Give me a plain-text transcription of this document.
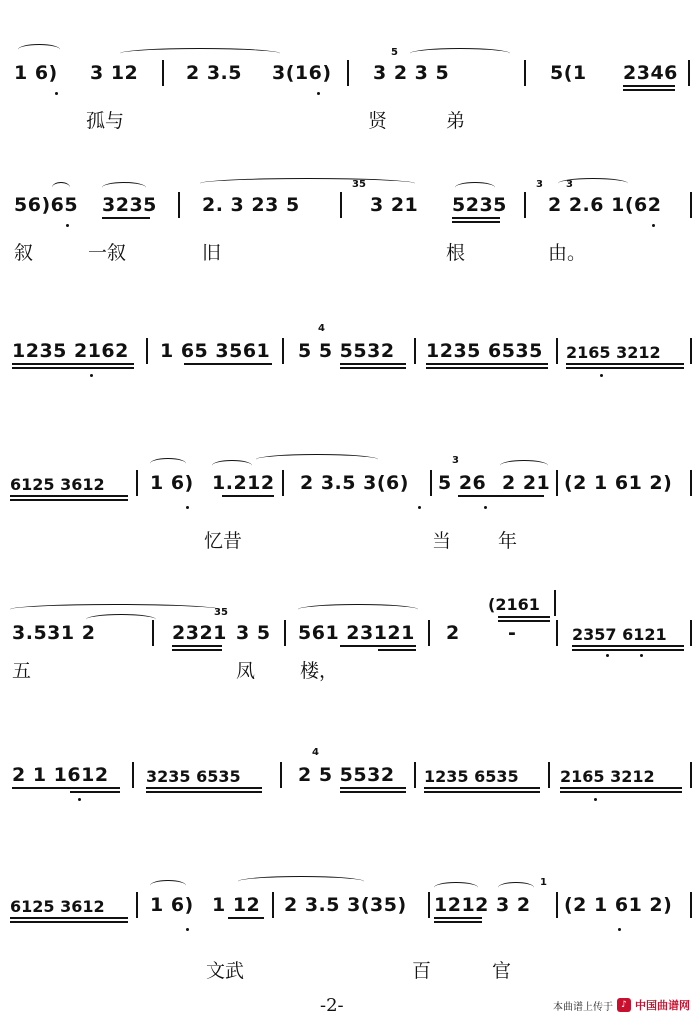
1 6) 3 12	2 3.5 3(16)
5
3 2 3 5	5(1 2346
孤与	贤	弟
56)65 3235 2. 3 23 5
35
3 21 5235
3 3
2 2.6 1(62
叙	一叙	旧	根	由。
1235 2162 1 65 3561
4
5 5 5532 1235 6535 2165 3212
6125 3612 1 6) 1.212 2 3.5 3(6)
3
5 26 2 21 (2 1 61 2)
忆昔	当 年
3.531 2	2321
35
3 5 561 23121 2	-
(2161
2357 6121
五	凤 楼，
2 1 1612 3235 6535
4
2 5 5532 1235 6535	2165 3212
6125 3612 1 6) 1 12 2 3.5 3(35) 1212 3 2
1
(2 1 61 2)
文武	百	官
-2-	本曲谱上传于 ♪ 中国曲谱网
